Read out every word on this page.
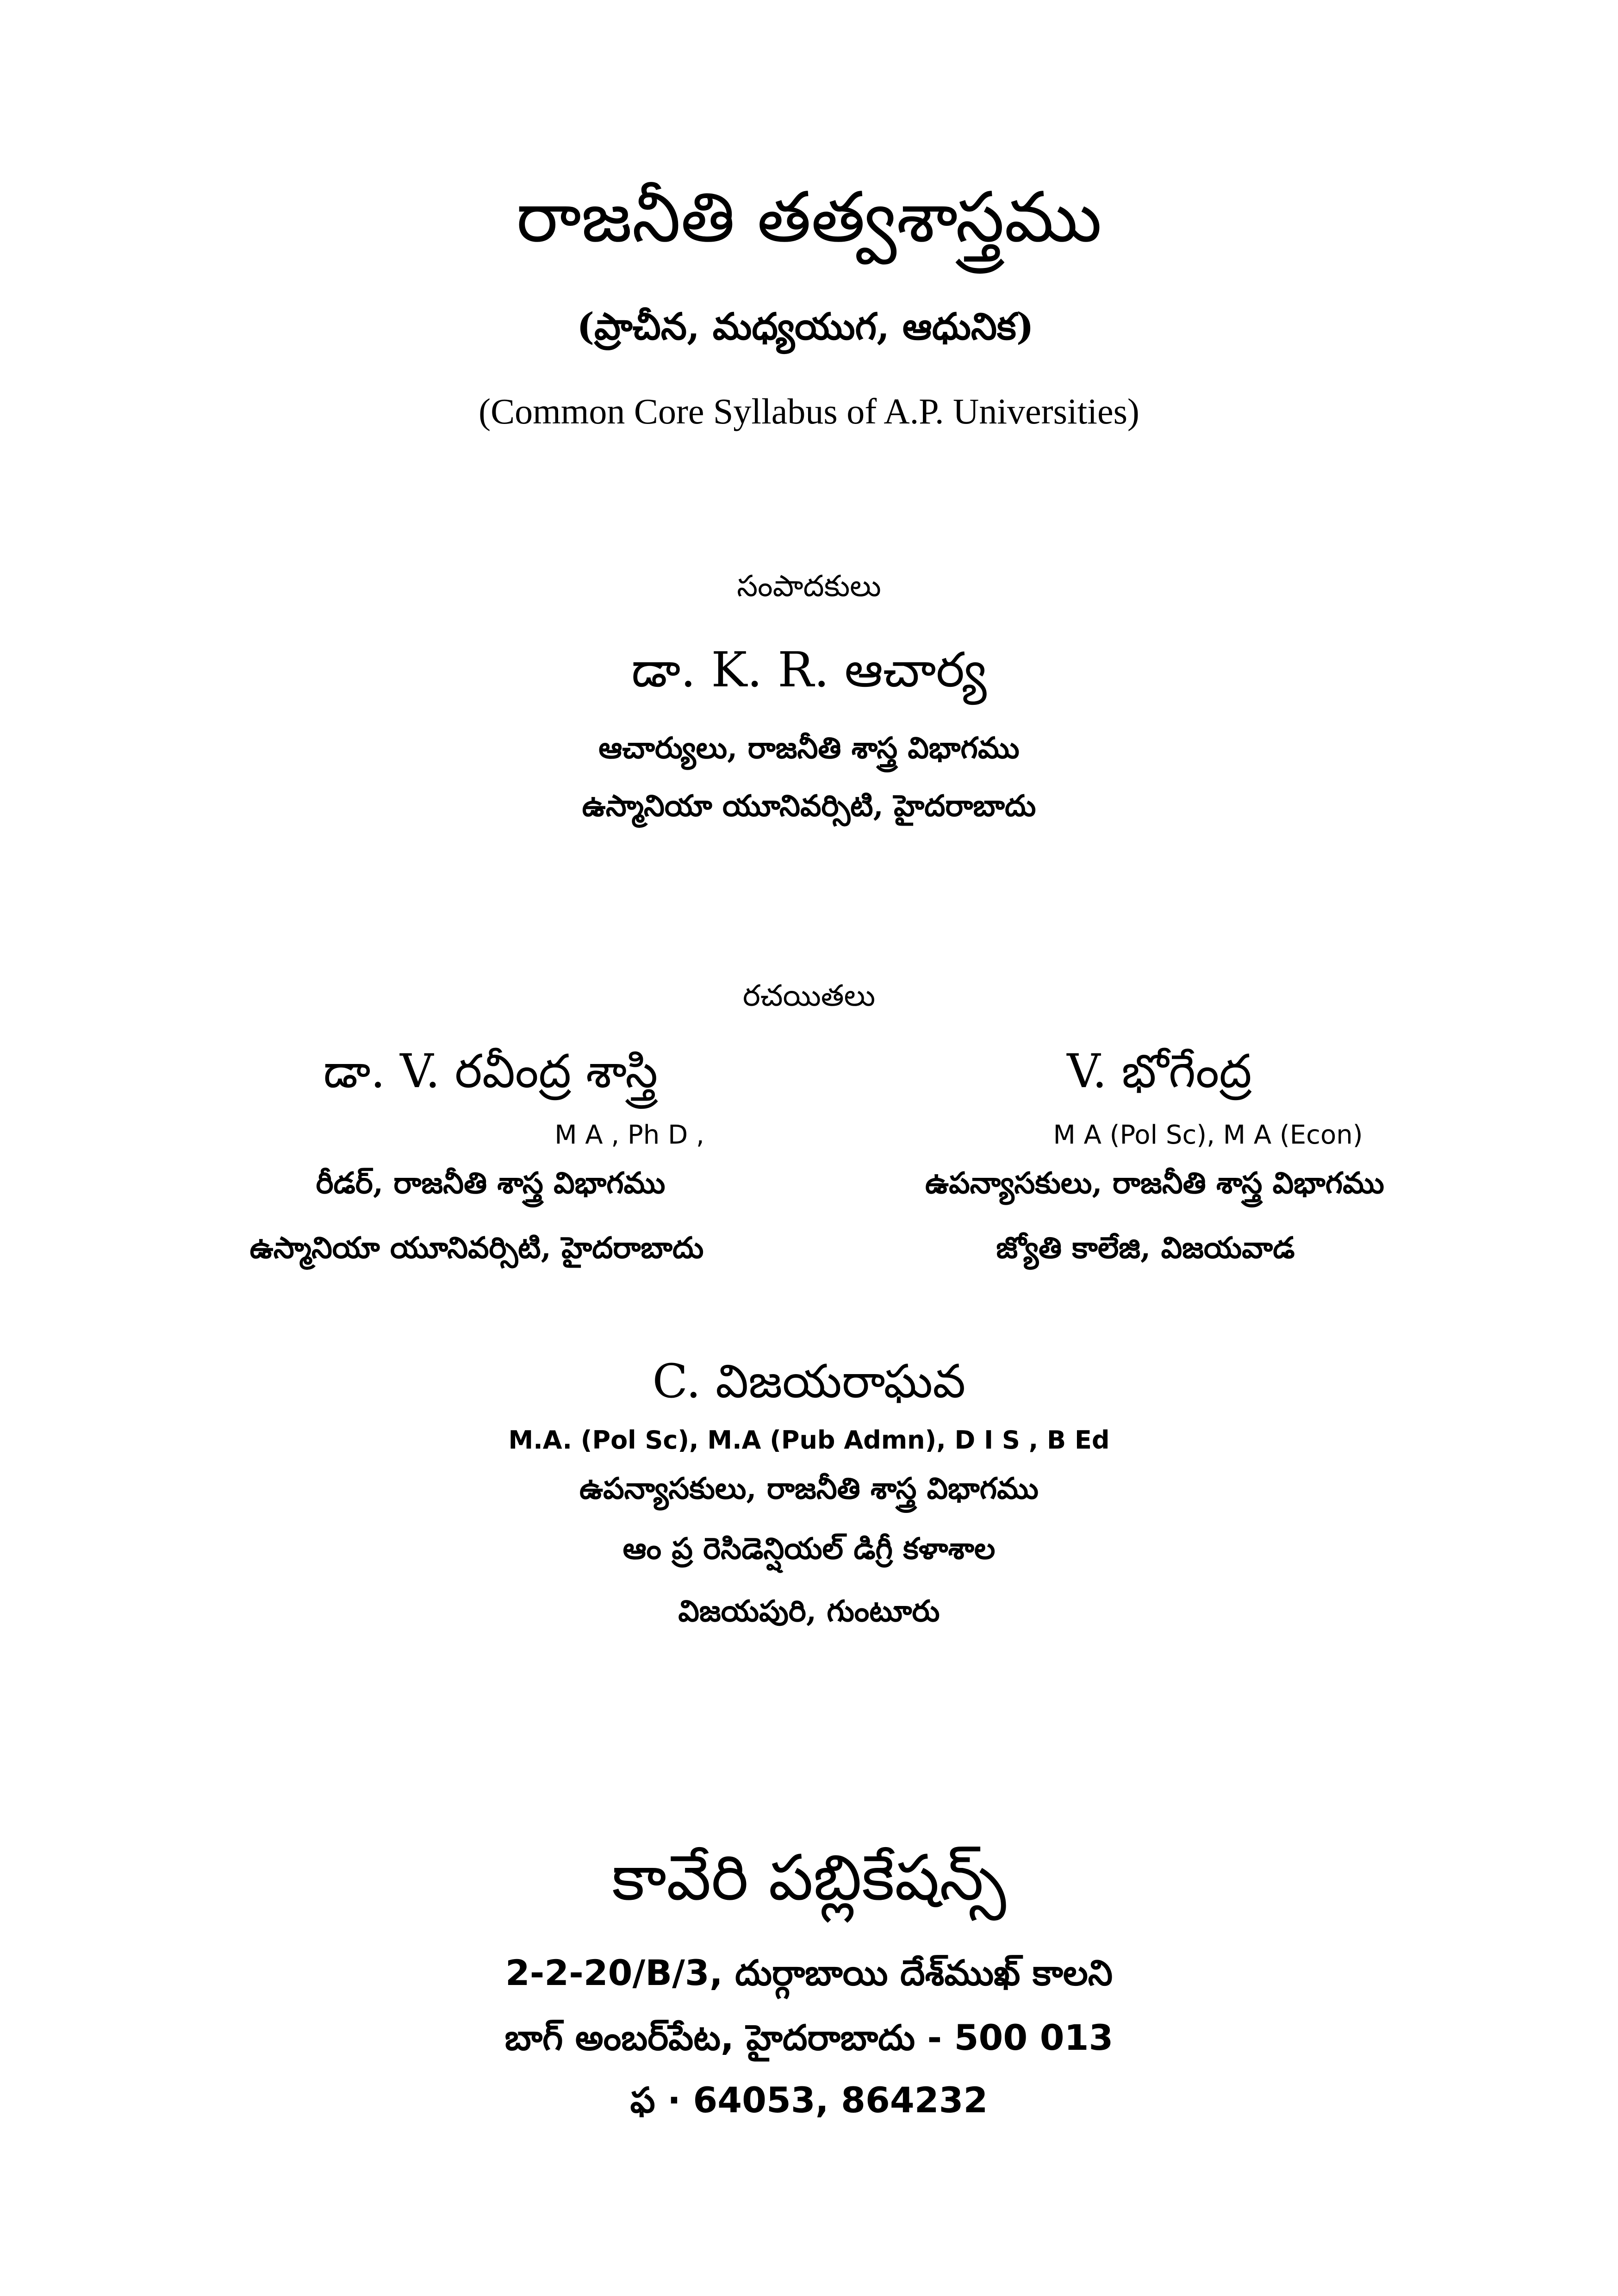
రాజనీతి తత్వశాస్త్రము
(ప్రాచీన, మధ్యయుగ, ఆధునిక)
(Common Core Syllabus of A.P. Universities)
సంపాదకులు
డా. K. R. ఆచార్య
ఆచార్యులు, రాజనీతి శాస్త్ర విభాగము
ఉస్మానియా యూనివర్సిటి, హైదరాబాదు
రచయితలు
డా. V. రవీంద్ర శాస్త్రి
M A , Ph D ,
రీడర్, రాజనీతి శాస్త్ర విభాగము
ఉస్మానియా యూనివర్సిటి, హైదరాబాదు
V. భోగేంద్ర
M A (Pol Sc), M A (Econ)
ఉపన్యాసకులు, రాజనీతి శాస్త్ర విభాగము
జ్యోతి కాలేజి, విజయవాడ
C. విజయరాఘవ
M.A. (Pol Sc), M.A (Pub Admn), D I S , B Ed
ఉపన్యాసకులు, రాజనీతి శాస్త్ర విభాగము
ఆం ప్ర రెసిడెన్షియల్ డిగ్రీ కళాశాల
విజయపురి, గుంటూరు
కావేరి పబ్లికేషన్స్
2-2-20/B/3, దుర్గాబాయి దేశ్‌ముఖ్ కాలని
బాగ్ అంబర్‌పేట, హైదరాబాదు - 500 013
ఫ · 64053, 864232
